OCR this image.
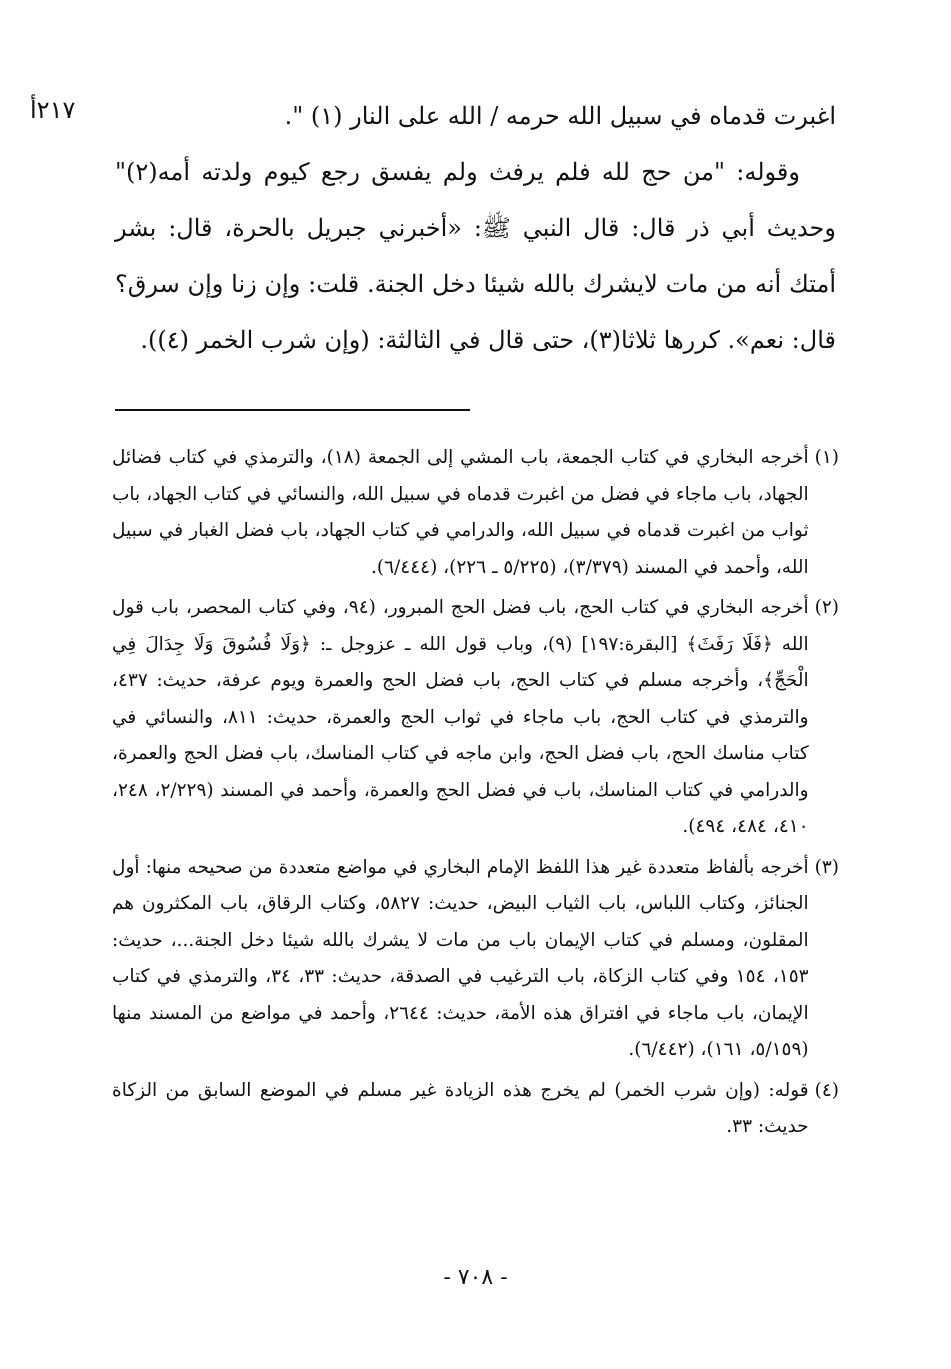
٢١٧أ	اغبرت قدماه في سبيل الله حرمه / الله على النار (١) ".

وقوله: "من حج لله فلم يرفث ولم يفسق رجع كيوم ولدته أمه(٢)" وحديث أبي ذر قال: قال النبي ﷺ: «أخبرني جبريل بالحرة، قال: بشر أمتك أنه من مات لايشرك بالله شيئا دخل الجنة. قلت: وإن زنا وإن سرق؟ قال: نعم». كررها ثلاثا(٣)، حتى قال في الثالثة: (وإن شرب الخمر (٤)).

(١)
أخرجه البخاري في كتاب الجمعة، باب المشي إلى الجمعة (١٨)، والترمذي في كتاب فضائل الجهاد، باب ماجاء في فضل من اغبرت قدماه في سبيل الله، والنسائي في كتاب الجهاد، باب ثواب من اغبرت قدماه في سبيل الله، والدرامي في كتاب الجهاد، باب فضل الغبار في سبيل الله، وأحمد في المسند (٣/٣٧٩)، (٥/٢٢٥ ـ ٢٢٦)، (٦/٤٤٤).
(٢)
أخرجه البخاري في كتاب الحج، باب فضل الحج المبرور، (٩٤، وفي كتاب المحصر، باب قول الله ﴿فَلَا رَفَثَ﴾ [البقرة:١٩٧] (٩)، وباب قول الله ـ عزوجل ـ: ﴿وَلَا فُسُوقَ وَلَا جِدَالَ فِي الْحَجِّ﴾، وأخرجه مسلم في كتاب الحج، باب فضل الحج والعمرة ويوم عرفة، حديث: ٤٣٧، والترمذي في كتاب الحج، باب ماجاء في ثواب الحج والعمرة، حديث: ٨١١، والنسائي في كتاب مناسك الحج، باب فضل الحج، وابن ماجه في كتاب المناسك، باب فضل الحج والعمرة، والدرامي في كتاب المناسك، باب في فضل الحج والعمرة، وأحمد في المسند (٢/٢٢٩، ٢٤٨، ٤١٠، ٤٨٤، ٤٩٤).
(٣)
أخرجه بألفاظ متعددة غير هذا اللفظ الإمام البخاري في مواضع متعددة من صحيحه منها: أول الجنائز، وكتاب اللباس، باب الثياب البيض، حديث: ٥٨٢٧، وكتاب الرقاق، باب المكثرون هم المقلون، ومسلم في كتاب الإيمان باب من مات لا يشرك بالله شيئا دخل الجنة...، حديث: ١٥٣، ١٥٤ وفي كتاب الزكاة، باب الترغيب في الصدقة، حديث: ٣٣، ٣٤، والترمذي في كتاب الإيمان، باب ماجاء في افتراق هذه الأمة، حديث: ٢٦٤٤، وأحمد في مواضع من المسند منها (٥/١٥٩، ١٦١)، (٦/٤٤٢).
(٤)
قوله: (وإن شرب الخمر) لم يخرج هذه الزيادة غير مسلم في الموضع السابق من الزكاة حديث: ٣٣.
- ٧٠٨ -
